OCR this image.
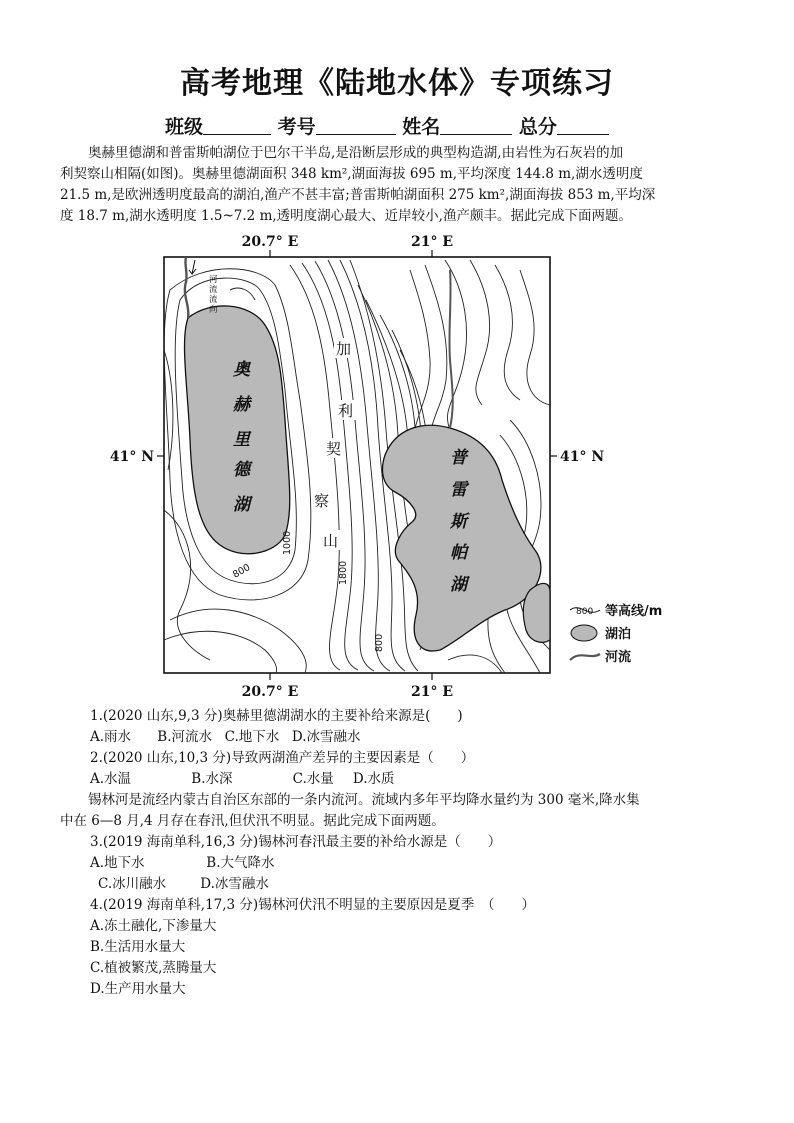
高考地理《陆地水体》专项练习
班级	考号	姓名	总分
奥赫里德湖和普雷斯帕湖位于巴尔干半岛,是沿断层形成的典型构造湖,由岩性为石灰岩的加
利契察山相隔(如图)。奥赫里德湖面积 348 km²,湖面海拔 695 m,平均深度 144.8 m,湖水透明度
21.5 m,是欧洲透明度最高的湖泊,渔产不甚丰富;普雷斯帕湖面积 275 km²,湖面海拔 853 m,平均深
度 18.7 m,湖水透明度 1.5~7.2 m,透明度湖心最大、近岸较小,渔产颇丰。据此完成下面两题。
河
流
流
向
奥
赫
里
德
湖
普
雷
斯
帕
湖
加
利
契
察
山
800
1000
1800
800
20.7° E	21° E
20.7° E	21° E
41° N	41° N
800 等高线/m
湖泊
河流
1.(2020 山东,9,3 分)奥赫里德湖湖水的主要补给来源是(　　)
A.雨水 B.河流水 C.地下水 D.冰雪融水
2.(2020 山东,10,3 分)导致两湖渔产差异的主要因素是（　　）
A.水温	B.水深	C.水量 D.水质
锡林河是流经内蒙古自治区东部的一条内流河。流域内多年平均降水量约为 300 毫米,降水集
中在 6—8 月,4 月存在春汛,但伏汛不明显。据此完成下面两题。
3.(2019 海南单科,16,3 分)锡林河春汛最主要的补给水源是（　　）
A.地下水	B.大气降水
C.冰川融水	D.冰雪融水
4.(2019 海南单科,17,3 分)锡林河伏汛不明显的主要原因是夏季　（　　）
A.冻土融化,下渗量大
B.生活用水量大
C.植被繁茂,蒸腾量大
D.生产用水量大
